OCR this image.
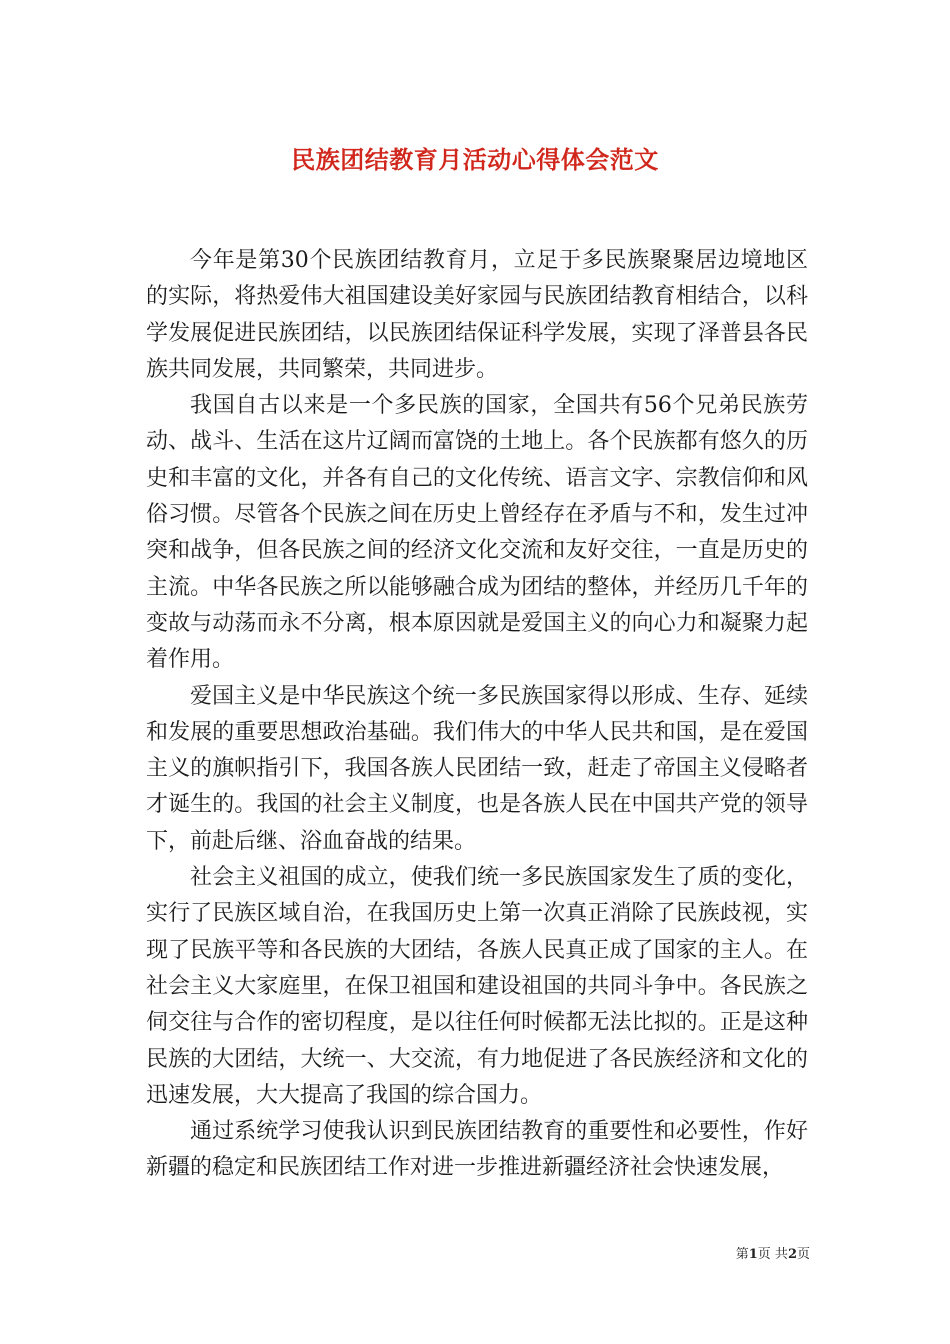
民族团结教育月活动心得体会范文

今年是第30个民族团结教育月，立足于多民族聚聚居边境地区的实际，将热爱伟大祖国建设美好家园与民族团结教育相结合，以科学发展促进民族团结，以民族团结保证科学发展，实现了泽普县各民族共同发展，共同繁荣，共同进步。

我国自古以来是一个多民族的国家，全国共有56个兄弟民族劳动、战斗、生活在这片辽阔而富饶的土地上。各个民族都有悠久的历史和丰富的文化，并各有自己的文化传统、语言文字、宗教信仰和风俗习惯。尽管各个民族之间在历史上曾经存在矛盾与不和，发生过冲突和战争，但各民族之间的经济文化交流和友好交往，一直是历史的主流。中华各民族之所以能够融合成为团结的整体，并经历几千年的变故与动荡而永不分离，根本原因就是爱国主义的向心力和凝聚力起着作用。

爱国主义是中华民族这个统一多民族国家得以形成、生存、延续和发展的重要思想政治基础。我们伟大的中华人民共和国，是在爱国主义的旗帜指引下，我国各族人民团结一致，赶走了帝国主义侵略者才诞生的。我国的社会主义制度，也是各族人民在中国共产党的领导下，前赴后继、浴血奋战的结果。

社会主义祖国的成立，使我们统一多民族国家发生了质的变化，实行了民族区域自治，在我国历史上第一次真正消除了民族歧视，实现了民族平等和各民族的大团结，各族人民真正成了国家的主人。在社会主义大家庭里，在保卫祖国和建设祖国的共同斗争中。各民族之伺交往与合作的密切程度，是以往任何时候都无法比拟的。正是这种民族的大团结，大统一、大交流，有力地促进了各民族经济和文化的迅速发展，大大提高了我国的综合国力。

通过系统学习使我认识到民族团结教育的重要性和必要性，作好新疆的稳定和民族团结工作对进一步推进新疆经济社会快速发展，

第1页 共2页
